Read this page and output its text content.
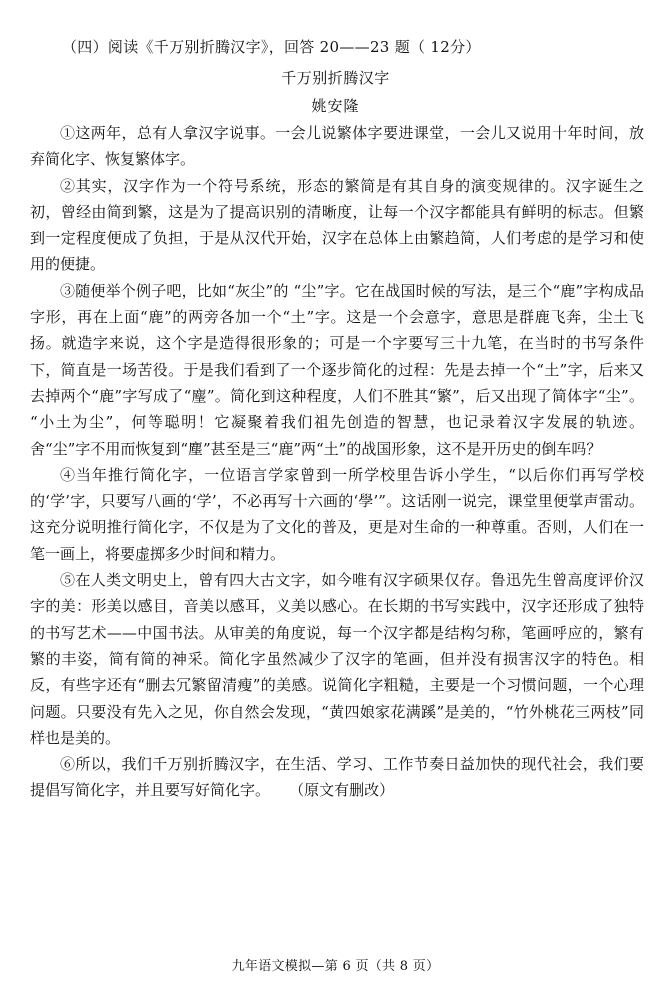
（四）阅读《千万别折腾汉字》，回答 20——23 题（ 12分）
千万别折腾汉字
姚安隆

①这两年，总有人拿汉字说事。一会儿说繁体字要进课堂，一会儿又说用十年时间，放弃简化字、恢复繁体字。

②其实，汉字作为一个符号系统，形态的繁简是有其自身的演变规律的。汉字诞生之初，曾经由简到繁，这是为了提高识别的清晰度，让每一个汉字都能具有鲜明的标志。但繁到一定程度便成了负担，于是从汉代开始，汉字在总体上由繁趋简，人们考虑的是学习和使用的便捷。

③随便举个例子吧，比如“灰尘”的 “尘”字。它在战国时候的写法，是三个“鹿”字构成品字形，再在上面“鹿”的两旁各加一个“土”字。这是一个会意字，意思是群鹿飞奔，尘土飞扬。就造字来说，这个字是造得很形象的；可是一个字要写三十九笔，在当时的书写条件下，简直是一场苦役。于是我们看到了一个逐步简化的过程：先是去掉一个“土”字，后来又去掉两个“鹿”字写成了“麈”。简化到这种程度，人们不胜其“繁”，后又出现了简体字“尘”。 “小土为尘”，何等聪明！它凝聚着我们祖先创造的智慧，也记录着汉字发展的轨迹。舍“尘”字不用而恢复到“塵”甚至是三“鹿”两“土”的战国形象，这不是开历史的倒车吗？

④当年推行简化字，一位语言学家曾到一所学校里告诉小学生，“以后你们再写学校的‘学’字，只要写八画的‘学’，不必再写十六画的‘學’”。这话刚一说完，课堂里便掌声雷动。这充分说明推行简化字，不仅是为了文化的普及，更是对生命的一种尊重。否则，人们在一笔一画上，将要虚掷多少时间和精力。

⑤在人类文明史上，曾有四大古文字，如今唯有汉字硕果仅存。鲁迅先生曾高度评价汉字的美：形美以感目，音美以感耳，义美以感心。在长期的书写实践中，汉字还形成了独特的书写艺术——中国书法。从审美的角度说，每一个汉字都是结构匀称，笔画呼应的，繁有繁的丰姿，简有简的神采。简化字虽然减少了汉字的笔画，但并没有损害汉字的特色。相反，有些字还有“删去冗繁留清瘦”的美感。说简化字粗糙，主要是一个习惯问题，一个心理问题。只要没有先入之见，你自然会发现，“黄四娘家花满蹊”是美的，“竹外桃花三两枝”同样也是美的。

⑥所以，我们千万别折腾汉字，在生活、学习、工作节奏日益加快的现代社会，我们要提倡写简化字，并且要写好简化字。 （原文有删改）

九年语文模拟—第 6 页（共 8 页）
